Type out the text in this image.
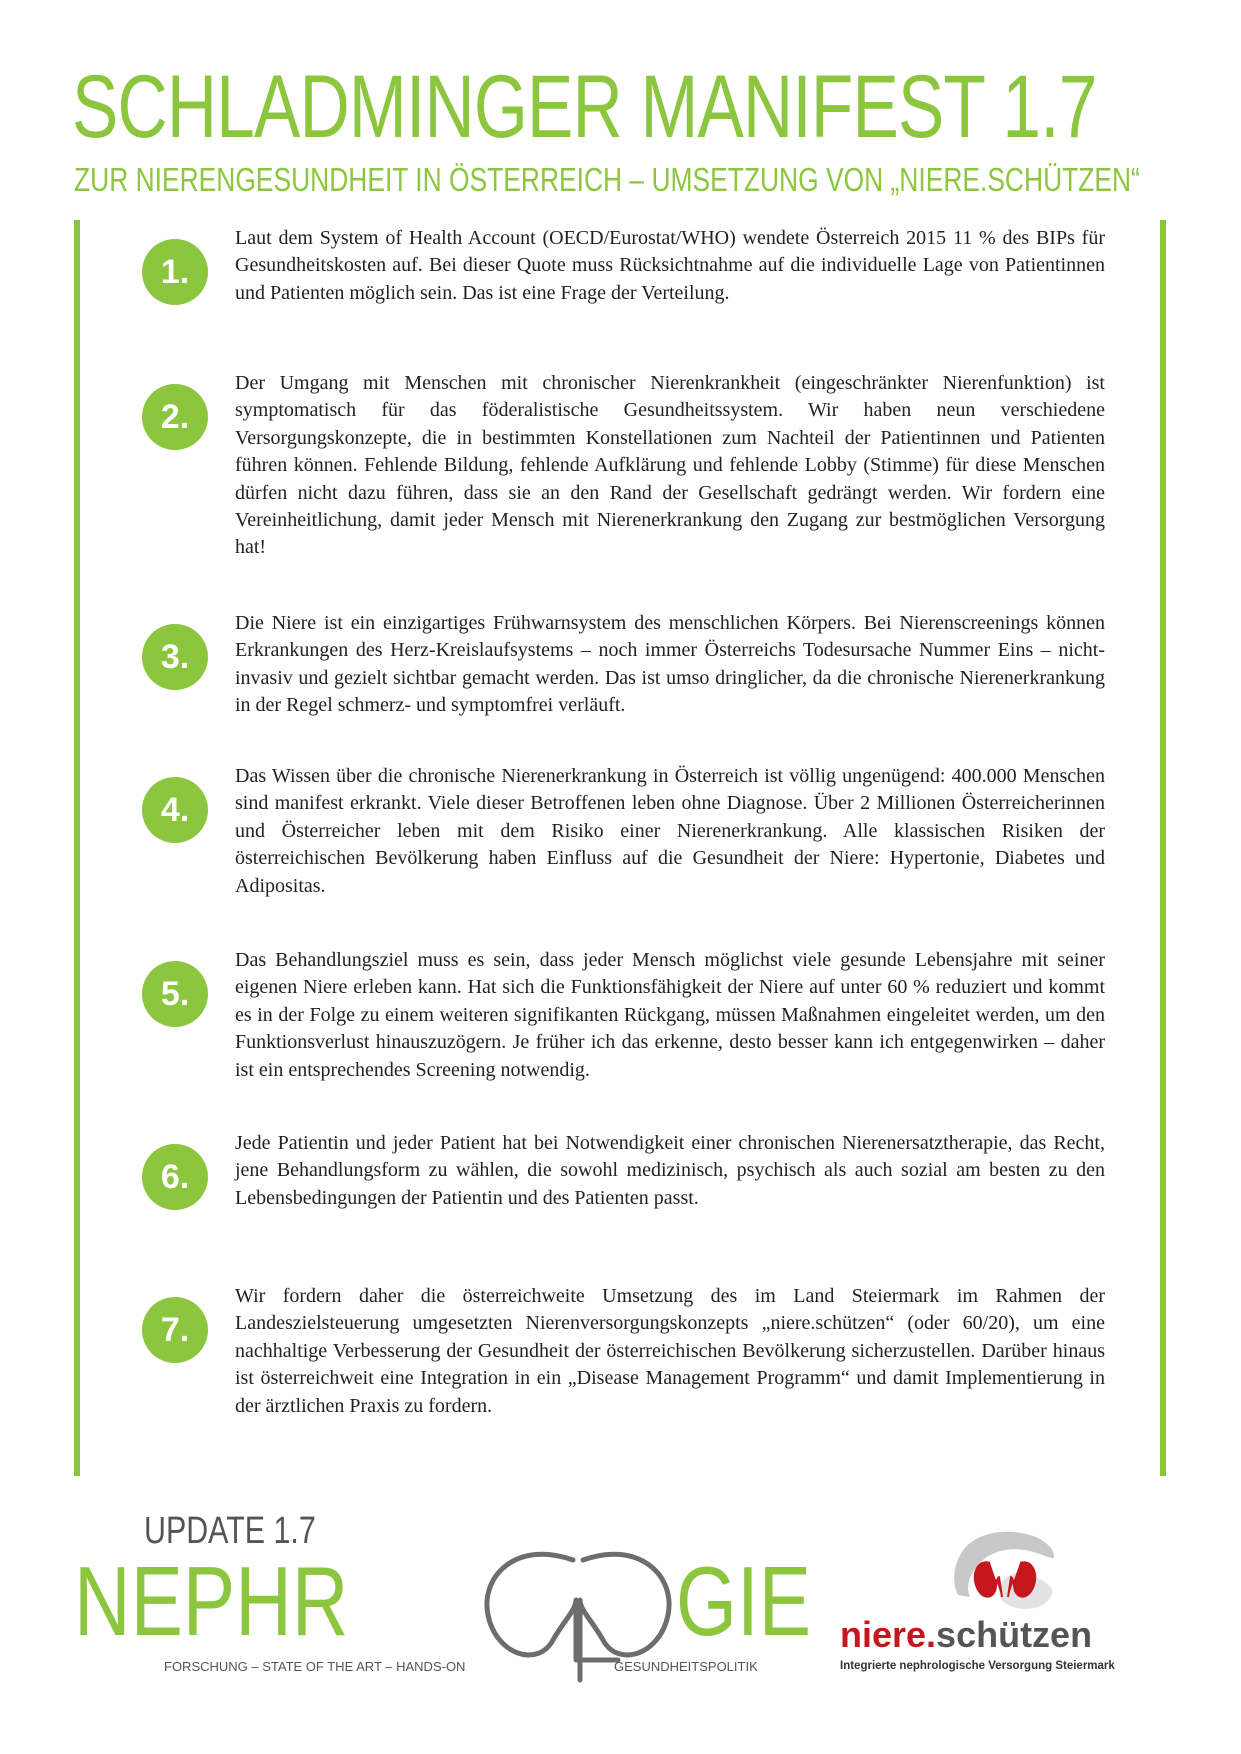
SCHLADMINGER MANIFEST 1.7
ZUR NIERENGESUNDHEIT IN ÖSTERREICH – UMSETZUNG VON „NIERE.SCHÜTZEN“
1.

Laut dem System of Health Account (OECD/Eurostat/WHO) wendete Österreich 2015 11 % des BIPs für Gesundheitskosten auf. Bei dieser Quote muss Rücksichtnahme auf die individuelle Lage von Patientinnen und Patienten möglich sein. Das ist eine Frage der Verteilung.

2.

Der Umgang mit Menschen mit chronischer Nierenkrankheit (eingeschränkter Nierenfunktion) ist symptomatisch für das föderalistische Gesundheitssystem. Wir haben neun verschiedene Versorgungskonzepte, die in bestimmten Konstellationen zum Nachteil der Patientinnen und Patienten führen können. Fehlende Bildung, fehlende Aufklärung und fehlende Lobby (Stimme) für diese Menschen dürfen nicht dazu führen, dass sie an den Rand der Gesellschaft gedrängt werden. Wir fordern eine Vereinheitlichung, damit jeder Mensch mit Nierenerkrankung den Zugang zur bestmöglichen Versorgung hat!

3.

Die Niere ist ein einzigartiges Frühwarnsystem des menschlichen Körpers. Bei Nierenscreenings können Erkrankungen des Herz-Kreislaufsystems – noch immer Österreichs Todesursache Nummer Eins – nicht-invasiv und gezielt sichtbar gemacht werden. Das ist umso dringlicher, da die chronische Nierenerkrankung in der Regel schmerz- und symptomfrei verläuft.

4.

Das Wissen über die chronische Nierenerkrankung in Österreich ist völlig ungenügend: 400.000 Menschen sind manifest erkrankt. Viele dieser Betroffenen leben ohne Diagnose. Über 2 Millionen Österreicherinnen und Österreicher leben mit dem Risiko einer Nierenerkrankung. Alle klassischen Risiken der österreichischen Bevölkerung haben Einfluss auf die Gesundheit der Niere: Hypertonie, Diabetes und Adipositas.

5.

Das Behandlungsziel muss es sein, dass jeder Mensch möglichst viele gesunde Lebensjahre mit seiner eigenen Niere erleben kann. Hat sich die Funktionsfähigkeit der Niere auf unter 60 % reduziert und kommt es in der Folge zu einem weiteren signifikanten Rückgang, müssen Maßnahmen eingeleitet werden, um den Funktionsverlust hinauszuzögern. Je früher ich das erkenne, desto besser kann ich entgegenwirken – daher ist ein entsprechendes Screening notwendig.

6.

Jede Patientin und jeder Patient hat bei Notwendigkeit einer chronischen Nierenersatztherapie, das Recht, jene Behandlungsform zu wählen, die sowohl medizinisch, psychisch als auch sozial am besten zu den Lebensbedingungen der Patientin und des Patienten passt.

7.

Wir fordern daher die österreichweite Umsetzung des im Land Steiermark im Rahmen der Landeszielsteuerung umgesetzten Nierenversorgungskonzepts „niere.schützen“ (oder 60/20), um eine nachhaltige Verbesserung der Gesundheit der österreichischen Bevölkerung sicherzustellen. Darüber hinaus ist österreichweit eine Integration in ein „Disease Management Programm“ und damit Implementierung in der ärztlichen Praxis zu fordern.

UPDATE 1.7
NEPHR	GIE
FORSCHUNG – STATE OF THE ART – HANDS-ON	GESUNDHEITSPOLITIK
niere.schützen
Integrierte nephrologische Versorgung Steiermark
